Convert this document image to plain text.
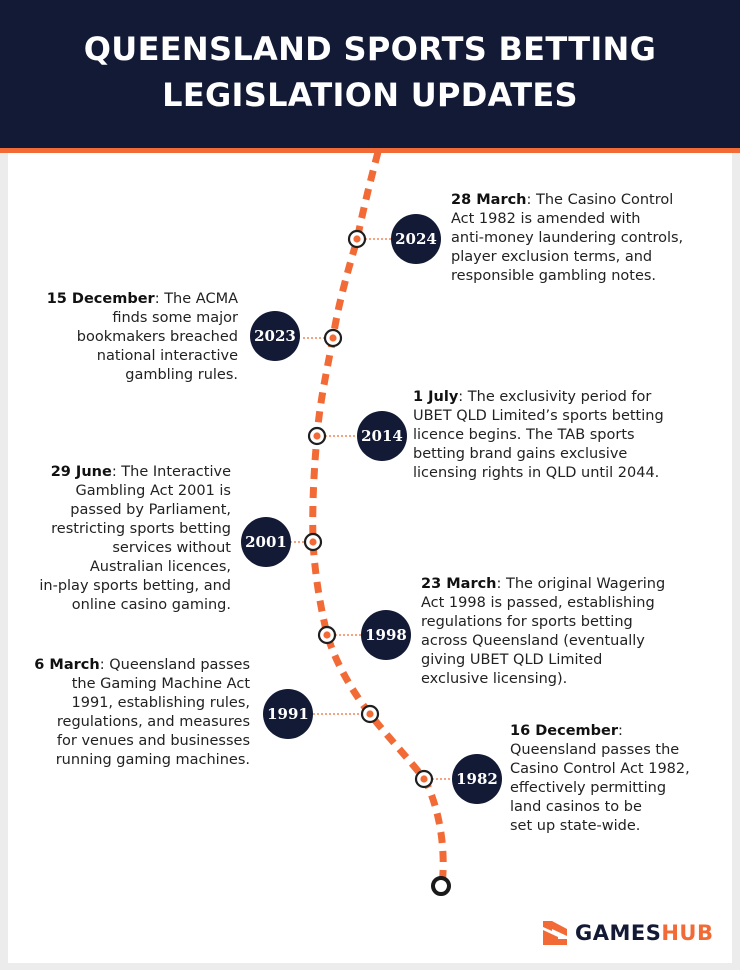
QUEENSLAND SPORTS BETTING
LEGISLATION UPDATES
2024
2023
2014
2001
1998
1991
1982
28 March: The Casino Control
Act 1982 is amended with
anti-money laundering controls,
player exclusion terms, and
responsible gambling notes.
15 December: The ACMA
finds some major
bookmakers breached
national interactive
gambling rules.
1 July: The exclusivity period for
UBET QLD Limited’s sports betting
licence begins. The TAB sports
betting brand gains exclusive
licensing rights in QLD until 2044.
29 June: The Interactive
Gambling Act 2001 is
passed by Parliament,
restricting sports betting
services without
Australian licences,
in-play sports betting, and
online casino gaming.
23 March: The original Wagering
Act 1998 is passed, establishing
regulations for sports betting
across Queensland (eventually
giving UBET QLD Limited
exclusive licensing).
6 March: Queensland passes
the Gaming Machine Act
1991, establishing rules,
regulations, and measures
for venues and businesses
running gaming machines.
16 December:
Queensland passes the
Casino Control Act 1982,
effectively permitting
land casinos to be
set up state-wide.
GAMESHUB
